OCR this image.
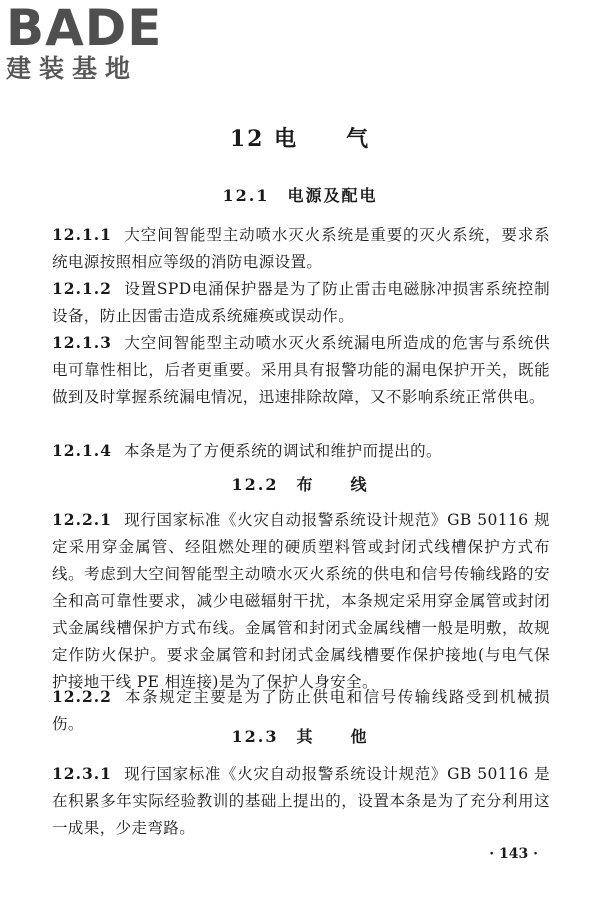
BADE
建装基地
12 电　　气
12.1　电源及配电
12.1.1 大空间智能型主动喷水灭火系统是重要的灭火系统，要求系统电源按照相应等级的消防电源设置。
12.1.2 设置SPD电涌保护器是为了防止雷击电磁脉冲损害系统控制设备，防止因雷击造成系统瘫痪或误动作。
12.1.3 大空间智能型主动喷水灭火系统漏电所造成的危害与系统供电可靠性相比，后者更重要。采用具有报警功能的漏电保护开关，既能做到及时掌握系统漏电情况，迅速排除故障，又不影响系统正常供电。
12.1.4 本条是为了方便系统的调试和维护而提出的。
12.2　布　　线
12.2.1 现行国家标准《火灾自动报警系统设计规范》GB 50116 规定采用穿金属管、经阻燃处理的硬质塑料管或封闭式线槽保护方式布线。考虑到大空间智能型主动喷水灭火系统的供电和信号传输线路的安全和高可靠性要求，减少电磁辐射干扰，本条规定采用穿金属管或封闭式金属线槽保护方式布线。金属管和封闭式金属线槽一般是明敷，故规定作防火保护。要求金属管和封闭式金属线槽要作保护接地(与电气保护接地干线 PE 相连接)是为了保护人身安全。
12.2.2 本条规定主要是为了防止供电和信号传输线路受到机械损伤。
12.3　其　　他
12.3.1 现行国家标准《火灾自动报警系统设计规范》GB 50116 是在积累多年实际经验教训的基础上提出的，设置本条是为了充分利用这一成果，少走弯路。
· 143 ·
